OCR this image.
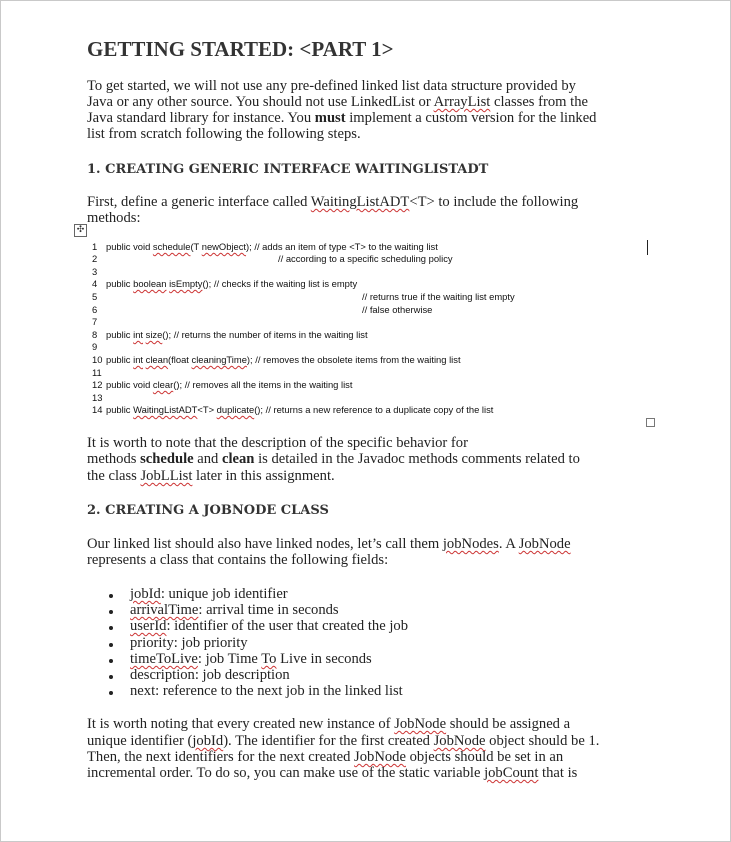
GETTING STARTED: <PART 1>
To get started, we will not use any pre-defined linked list data structure provided by
Java or any other source. You should not use LinkedList or ArrayList classes from the
Java standard library for instance. You must implement a custom version for the linked
list from scratch following the following steps.
1. CREATING GENERIC INTERFACE WAITINGLISTADT
First, define a generic interface called WaitingListADT<T> to include the following
methods:
✣
1 public void schedule(T newObject); // adds an item of type <T> to the waiting list
2	// according to a specific scheduling policy
3
4 public boolean isEmpty(); // checks if the waiting list is empty
5	// returns true if the waiting list empty
6	// false otherwise
7
8 public int size(); // returns the number of items in the waiting list
9
10 public int clean(float cleaningTime); // removes the obsolete items from the waiting list
11
12 public void clear(); // removes all the items in the waiting list
13
14 public WaitingListADT<T> duplicate(); // returns a new reference to a duplicate copy of the list
It is worth to note that the description of the specific behavior for
methods schedule and clean is detailed in the Javadoc methods comments related to
the class JobLList later in this assignment.
2. CREATING A JOBNODE CLASS
Our linked list should also have linked nodes, let’s call them jobNodes. A JobNode
represents a class that contains the following fields:
jobId: unique job identifier
arrivalTime: arrival time in seconds
userId: identifier of the user that created the job
priority: job priority
timeToLive: job Time To Live in seconds
description: job description
next: reference to the next job in the linked list
It is worth noting that every created new instance of JobNode should be assigned a
unique identifier (jobId). The identifier for the first created JobNode object should be 1.
Then, the next identifiers for the next created JobNode objects should be set in an
incremental order. To do so, you can make use of the static variable jobCount that is
